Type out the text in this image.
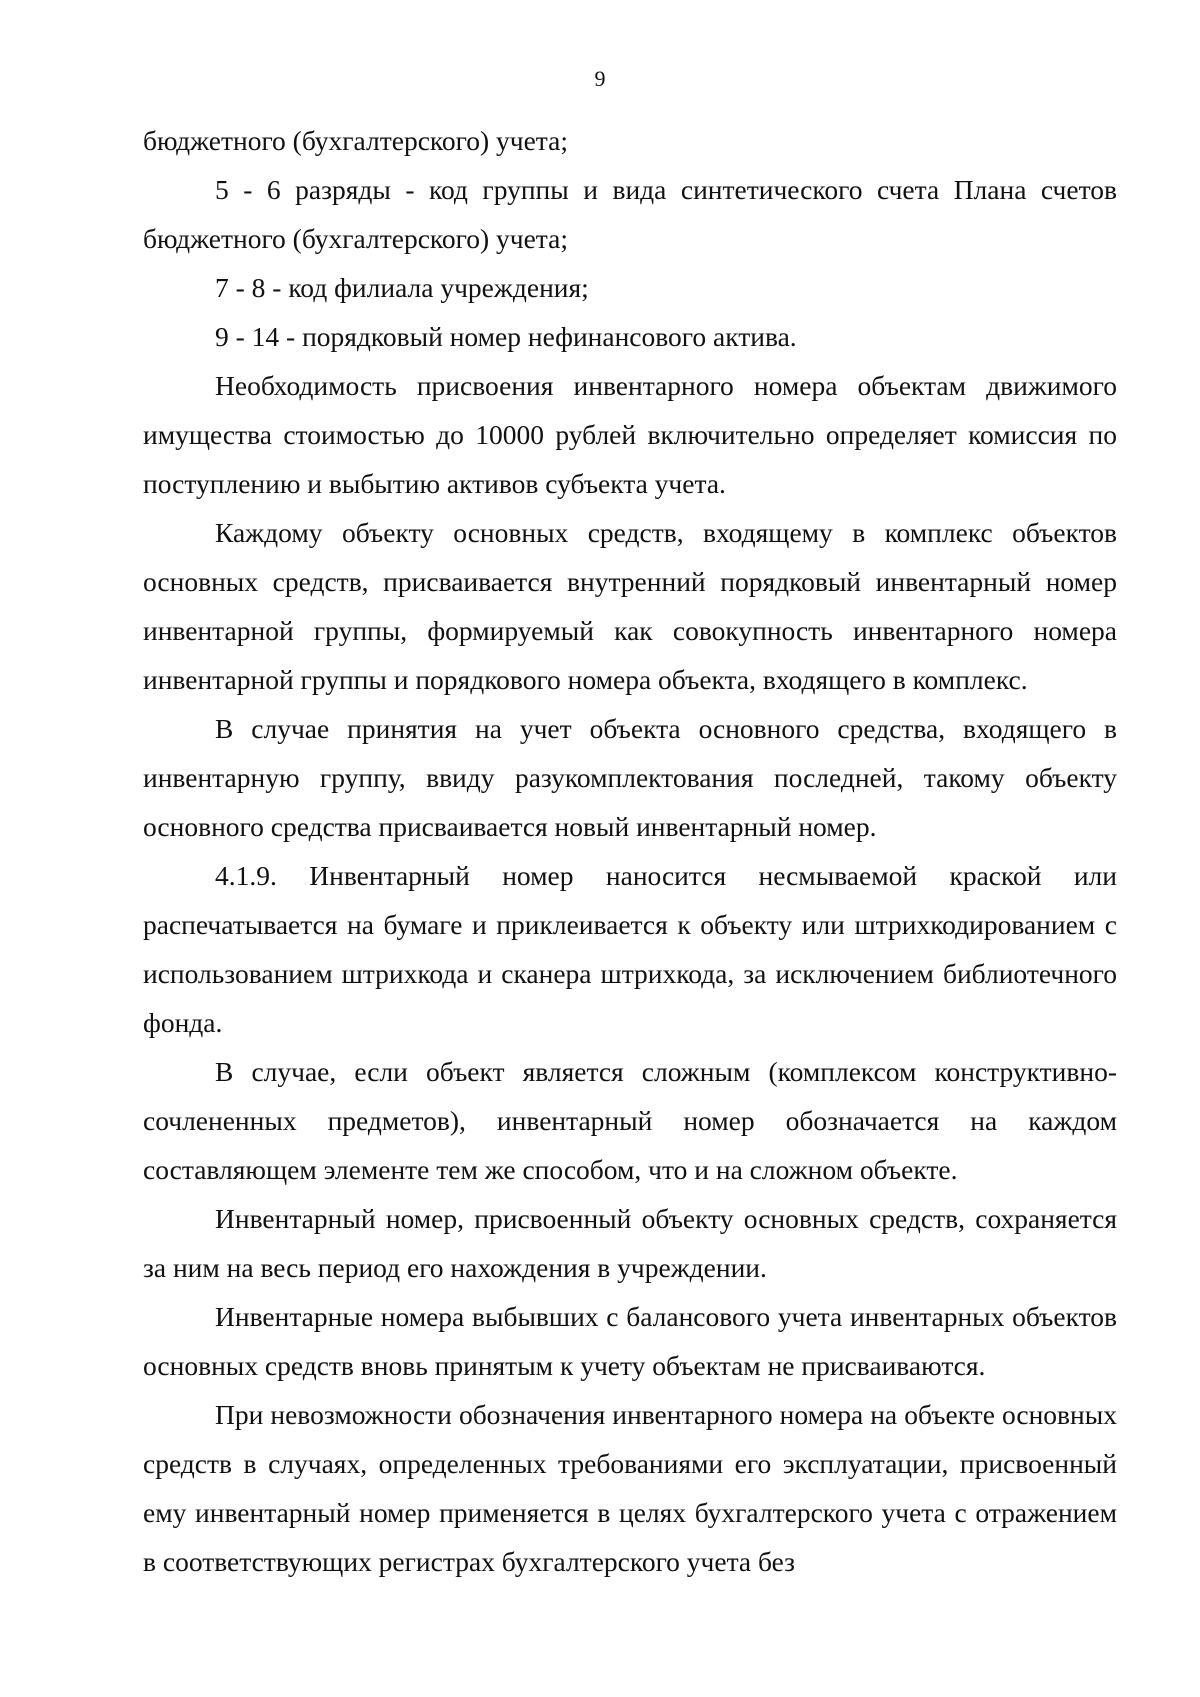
9

бюджетного (бухгалтерского) учета;

5 - 6 разряды - код группы и вида синтетического счета Плана счетов бюджетного (бухгалтерского) учета;

7 - 8 - код филиала учреждения;

9 - 14 - порядковый номер нефинансового актива.

Необходимость присвоения инвентарного номера объектам движимого имущества стоимостью до 10000 рублей включительно определяет комиссия по поступлению и выбытию активов субъекта учета.

Каждому объекту основных средств, входящему в комплекс объектов основных средств, присваивается внутренний порядковый инвентарный номер инвентарной группы, формируемый как совокупность инвентарного номера инвентарной группы и порядкового номера объекта, входящего в комплекс.

В случае принятия на учет объекта основного средства, входящего в инвентарную группу, ввиду разукомплектования последней, такому объекту основного средства присваивается новый инвентарный номер.

4.1.9. Инвентарный номер наносится несмываемой краской или распечатывается на бумаге и приклеивается к объекту или штрихкодированием с использованием штрихкода и сканера штрихкода, за исключением библиотечного фонда.

В случае, если объект является сложным (комплексом конструктивно-сочлененных предметов), инвентарный номер обозначается на каждом составляющем элементе тем же способом, что и на сложном объекте.

Инвентарный номер, присвоенный объекту основных средств, сохраняется за ним на весь период его нахождения в учреждении.

Инвентарные номера выбывших с балансового учета инвентарных объектов основных средств вновь принятым к учету объектам не присваиваются.

При невозможности обозначения инвентарного номера на объекте основных средств в случаях, определенных требованиями его эксплуатации, присвоенный ему инвентарный номер применяется в целях бухгалтерского учета с отражением в соответствующих регистрах бухгалтерского учета без
